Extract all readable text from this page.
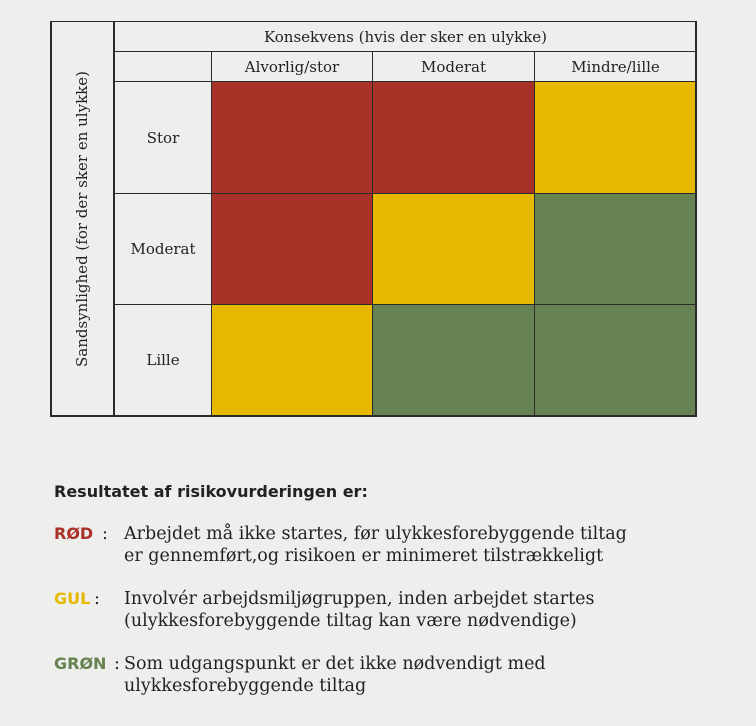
Sandsynlighed (for der sker en ulykke)
Konsekvens (hvis der sker en ulykke)
Alvorlig/stor	Moderat	Mindre/lille
Stor
Moderat
Lille
Resultatet af risikovurderingen er:
RØD : Arbejdet må ikke startes, før ulykkesforebyggende tiltag
er gennemført,og risikoen er minimeret tilstrækkeligt
GUL : Involvér arbejdsmiljøgruppen, inden arbejdet startes
(ulykkesforebyggende tiltag kan være nødvendige)
GRØN : Som udgangspunkt er det ikke nødvendigt med
ulykkesforebyggende tiltag
